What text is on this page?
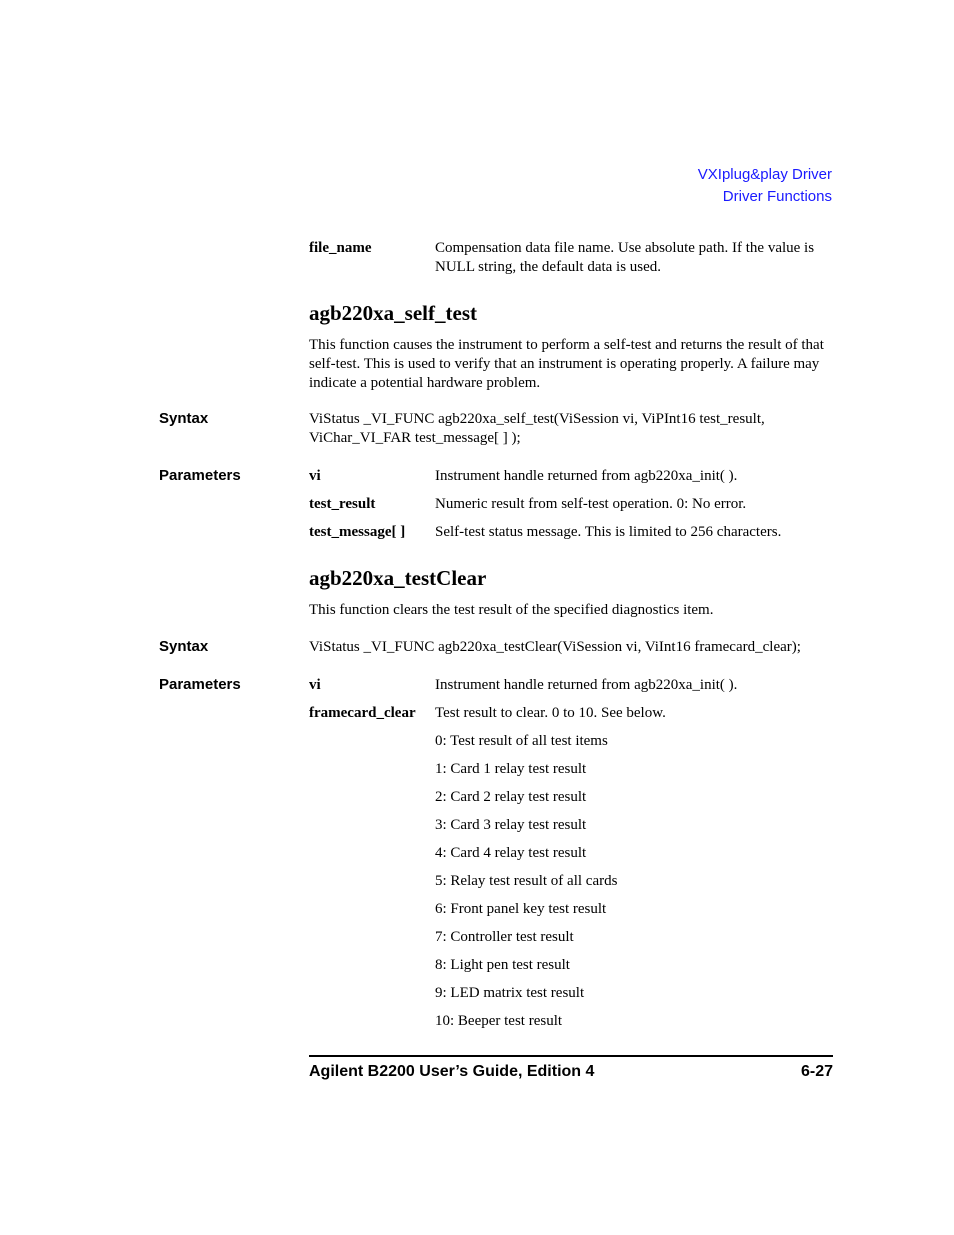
VXIplug&play Driver
Driver Functions
file_name	Compensation data file name. Use absolute path. If the value is NULL string, the default data is used.
agb220xa_self_test
This function causes the instrument to perform a self-test and returns the result of that self-test. This is used to verify that an instrument is operating properly. A failure may indicate a potential hardware problem.
Syntax	ViStatus _VI_FUNC agb220xa_self_test(ViSession vi, ViPInt16 test_result, ViChar_VI_FAR test_message[ ] );
Parameters	vi	Instrument handle returned from agb220xa_init( ).
test_result	Numeric result from self-test operation. 0: No error.
test_message[ ] Self-test status message. This is limited to 256 characters.
agb220xa_testClear
This function clears the test result of the specified diagnostics item.
Syntax	ViStatus _VI_FUNC agb220xa_testClear(ViSession vi, ViInt16 framecard_clear);
Parameters	vi	Instrument handle returned from agb220xa_init( ).
framecard_clear Test result to clear. 0 to 10. See below.
0: Test result of all test items
1: Card 1 relay test result
2: Card 2 relay test result
3: Card 3 relay test result
4: Card 4 relay test result
5: Relay test result of all cards
6: Front panel key test result
7: Controller test result
8: Light pen test result
9: LED matrix test result
10: Beeper test result
Agilent B2200 User’s Guide, Edition 4	6-27
